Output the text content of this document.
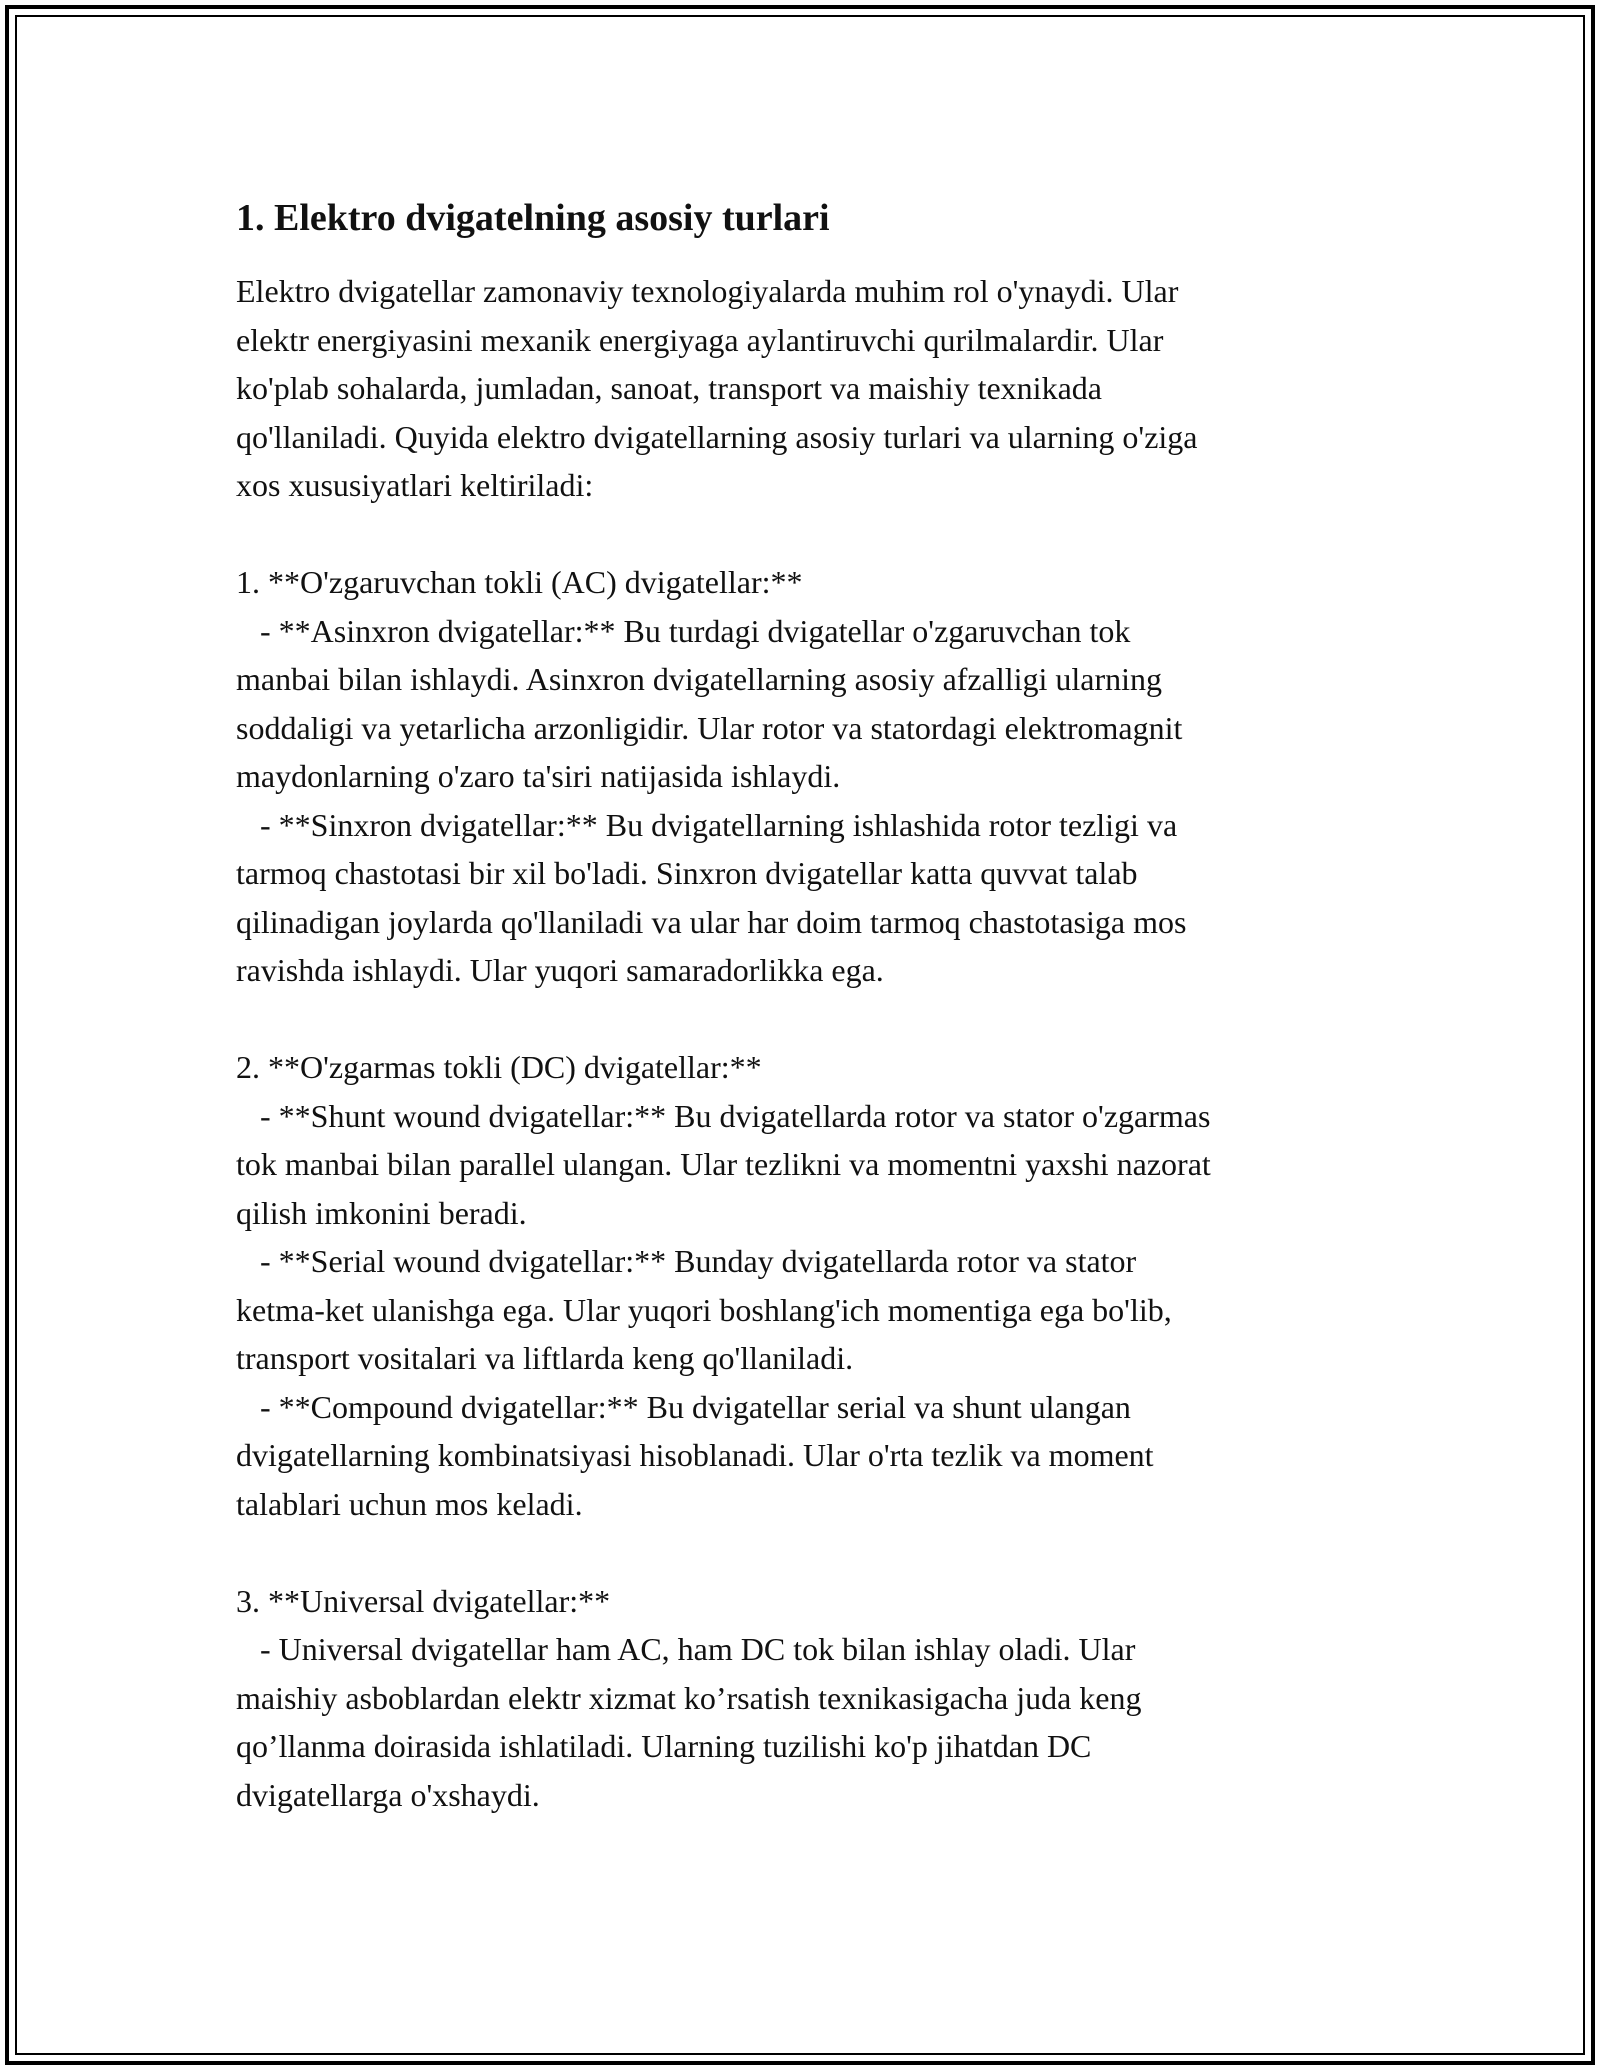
1. Elektro dvigatelning asosiy turlari
Elektro dvigatellar zamonaviy texnologiyalarda muhim rol o'ynaydi. Ular
elektr energiyasini mexanik energiyaga aylantiruvchi qurilmalardir. Ular
ko'plab sohalarda, jumladan, sanoat, transport va maishiy texnikada
qo'llaniladi. Quyida elektro dvigatellarning asosiy turlari va ularning o'ziga
xos xususiyatlari keltiriladi:
1. **O'zgaruvchan tokli (AC) dvigatellar:**
- **Asinxron dvigatellar:** Bu turdagi dvigatellar o'zgaruvchan tok
manbai bilan ishlaydi. Asinxron dvigatellarning asosiy afzalligi ularning
soddaligi va yetarlicha arzonligidir. Ular rotor va statordagi elektromagnit
maydonlarning o'zaro ta'siri natijasida ishlaydi.
- **Sinxron dvigatellar:** Bu dvigatellarning ishlashida rotor tezligi va
tarmoq chastotasi bir xil bo'ladi. Sinxron dvigatellar katta quvvat talab
qilinadigan joylarda qo'llaniladi va ular har doim tarmoq chastotasiga mos
ravishda ishlaydi. Ular yuqori samaradorlikka ega.
2. **O'zgarmas tokli (DC) dvigatellar:**
- **Shunt wound dvigatellar:** Bu dvigatellarda rotor va stator o'zgarmas
tok manbai bilan parallel ulangan. Ular tezlikni va momentni yaxshi nazorat
qilish imkonini beradi.
- **Serial wound dvigatellar:** Bunday dvigatellarda rotor va stator
ketma-ket ulanishga ega. Ular yuqori boshlang'ich momentiga ega bo'lib,
transport vositalari va liftlarda keng qo'llaniladi.
- **Compound dvigatellar:** Bu dvigatellar serial va shunt ulangan
dvigatellarning kombinatsiyasi hisoblanadi. Ular o'rta tezlik va moment
talablari uchun mos keladi.
3. **Universal dvigatellar:**
- Universal dvigatellar ham AC, ham DC tok bilan ishlay oladi. Ular
maishiy asboblardan elektr xizmat ko’rsatish texnikasigacha juda keng
qo’llanma doirasida ishlatiladi. Ularning tuzilishi ko'p jihatdan DC
dvigatellarga o'xshaydi.
